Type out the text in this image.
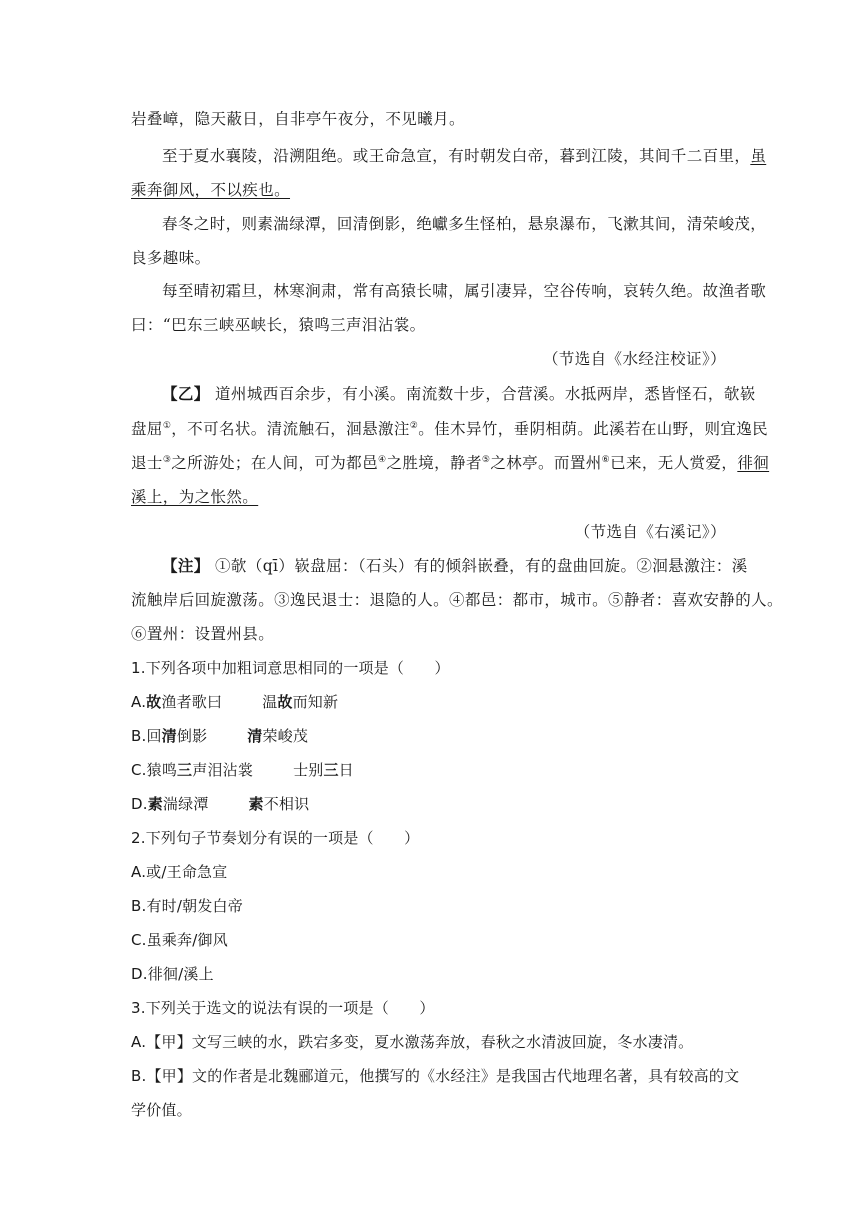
岩叠嶂，隐天蔽日，自非亭午夜分，不见曦月。
至于夏水襄陵，沿溯阻绝。或王命急宣，有时朝发白帝，暮到江陵，其间千二百里，虽
乘奔御风，不以疾也。
春冬之时，则素湍绿潭，回清倒影，绝巘多生怪柏，悬泉瀑布，飞漱其间，清荣峻茂，
良多趣味。
每至晴初霜旦，林寒涧肃，常有高猿长啸，属引凄异，空谷传响，哀转久绝。故渔者歌
曰：“巴东三峡巫峡长，猿鸣三声泪沾裳。
（节选自《水经注校证》）
【乙】 道州城西百余步，有小溪。南流数十步，合营溪。水抵两岸，悉皆怪石，欹嵚
盘屈①，不可名状。清流触石，洄悬激注②。佳木异竹，垂阴相荫。此溪若在山野，则宜逸民
退士③之所游处；在人间，可为都邑④之胜境，静者⑤之林亭。而置州⑥已来，无人赏爱，徘徊
溪上，为之怅然。
（节选自《右溪记》）
【注】 ①欹（qī）嵚盘屈：（石头）有的倾斜嵌叠，有的盘曲回旋。②洄悬激注：溪
流触岸后回旋激荡。③逸民退士：退隐的人。④都邑：都市，城市。⑤静者：喜欢安静的人。
⑥置州：设置州县。
1.下列各项中加粗词意思相同的一项是（　　）
A.故渔者歌曰	温故而知新
B.回清倒影	清荣峻茂
C.猿鸣三声泪沾裳	士别三日
D.素湍绿潭	素不相识
2.下列句子节奏划分有误的一项是（　　）
A.或/王命急宣
B.有时/朝发白帝
C.虽乘奔/御风
D.徘徊/溪上
3.下列关于选文的说法有误的一项是（　　）
A.【甲】文写三峡的水，跌宕多变，夏水激荡奔放，春秋之水清波回旋，冬水凄清。
B.【甲】文的作者是北魏郦道元，他撰写的《水经注》是我国古代地理名著，具有较高的文
学价值。
